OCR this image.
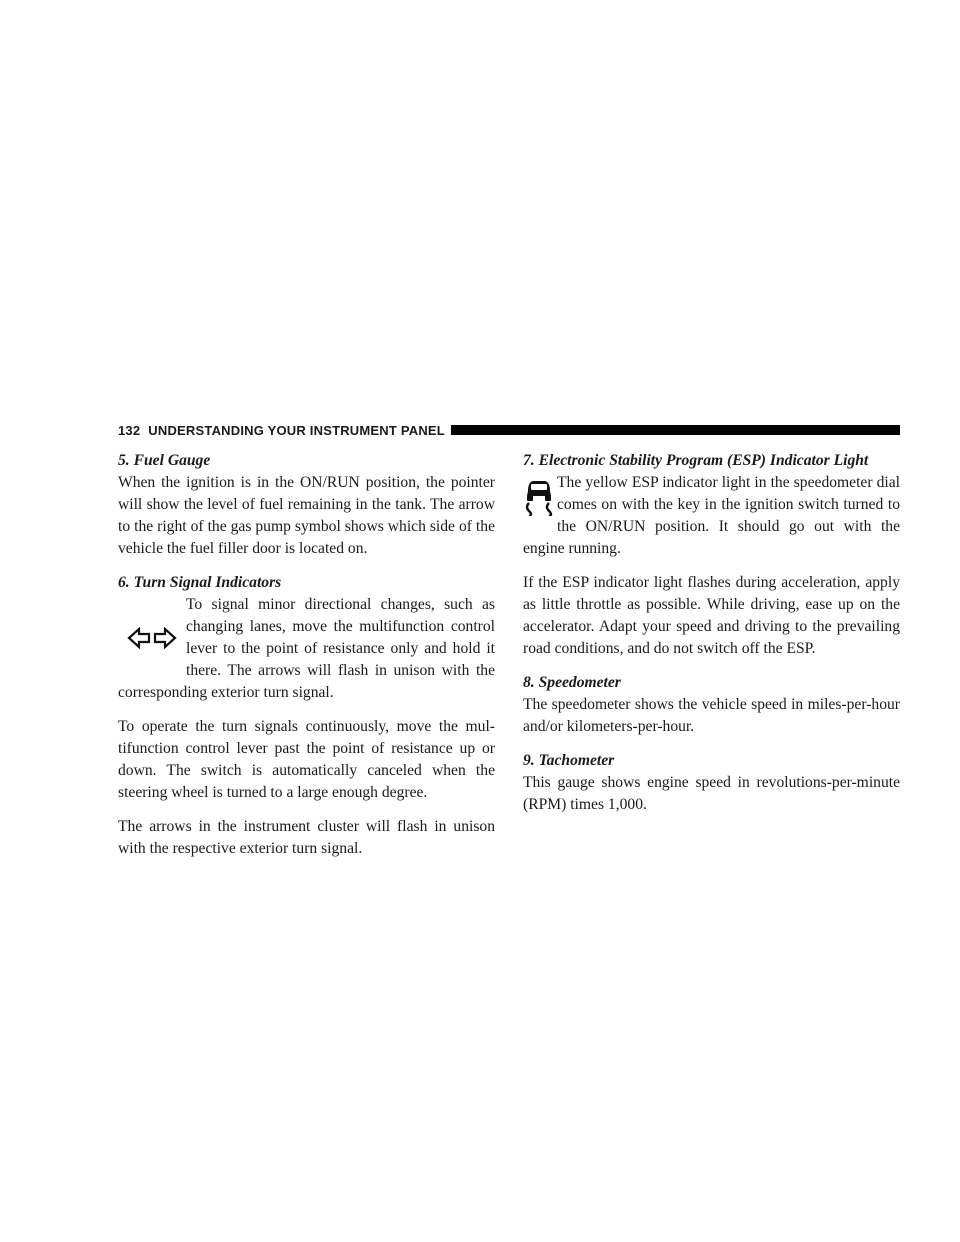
132 UNDERSTANDING YOUR INSTRUMENT PANEL

5. Fuel Gauge

When the ignition is in the ON/RUN position, the pointer will show the level of fuel remaining in the tank. The arrow to the right of the gas pump symbol shows which side of the vehicle the fuel filler door is located on.

6. Turn Signal Indicators

To signal minor directional changes, such as changing lanes, move the multifunction control lever to the point of resistance only and hold it there. The arrows will flash in unison with the corresponding exterior turn signal.

To operate the turn signals continuously, move the mul-tifunction control lever past the point of resistance up or down. The switch is automatically canceled when the steering wheel is turned to a large enough degree.

The arrows in the instrument cluster will flash in unison with the respective exterior turn signal.

7. Electronic Stability Program (ESP) Indicator Light

The yellow ESP indicator light in the speedometer dial comes on with the key in the ignition switch turned to the ON/RUN position. It should go out with the engine running.

If the ESP indicator light flashes during acceleration, apply as little throttle as possible. While driving, ease up on the accelerator. Adapt your speed and driving to the prevailing road conditions, and do not switch off the ESP.

8. Speedometer

The speedometer shows the vehicle speed in miles-per-hour and/or kilometers-per-hour.

9. Tachometer

This gauge shows engine speed in revolutions-per-minute (RPM) times 1,000.
